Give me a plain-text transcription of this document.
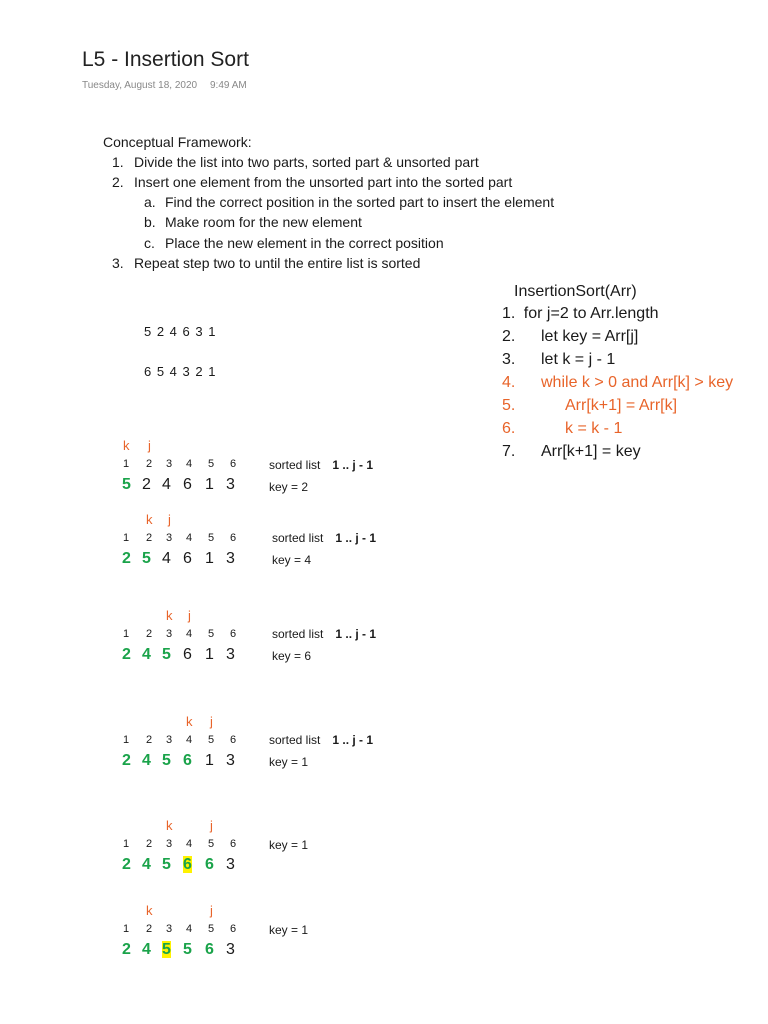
L5 - Insertion Sort
Tuesday, August 18, 2020 9:49 AM
Conceptual Framework:
1. Divide the list into two parts, sorted part & unsorted part
2. Insert one element from the unsorted part into the sorted part
a. Find the correct position in the sorted part to insert the element
b. Make room for the new element
c. Place the new element in the correct position
3. Repeat step two to until the entire list is sorted
5 2 4 6 3 1
6 5 4 3 2 1
InsertionSort(Arr)
1. for j=2 to Arr.length
2. let key = Arr[j]
3. let k = j - 1
4. while k > 0 and Arr[k] > key
5.	Arr[k+1] = Arr[k]
6.	k = k - 1
7. Arr[k+1] = key
k j
1 2 3 4 5 6
5 2 4 6 1 3
sorted list 1 .. j - 1
key = 2
k j
1 2 3 4 5 6
2 5 4 6 1 3
sorted list 1 .. j - 1
key = 4
k j
1 2 3 4 5 6
2 4 5 6 1 3
sorted list 1 .. j - 1
key = 6
k j
1 2 3 4 5 6
2 4 5 6 1 3
sorted list 1 .. j - 1
key = 1
k	j
1 2 3 4 5 6
2 4 5 6 6 3
key = 1
k	j
1 2 3 4 5 6
2 4 5 5 6 3
key = 1
